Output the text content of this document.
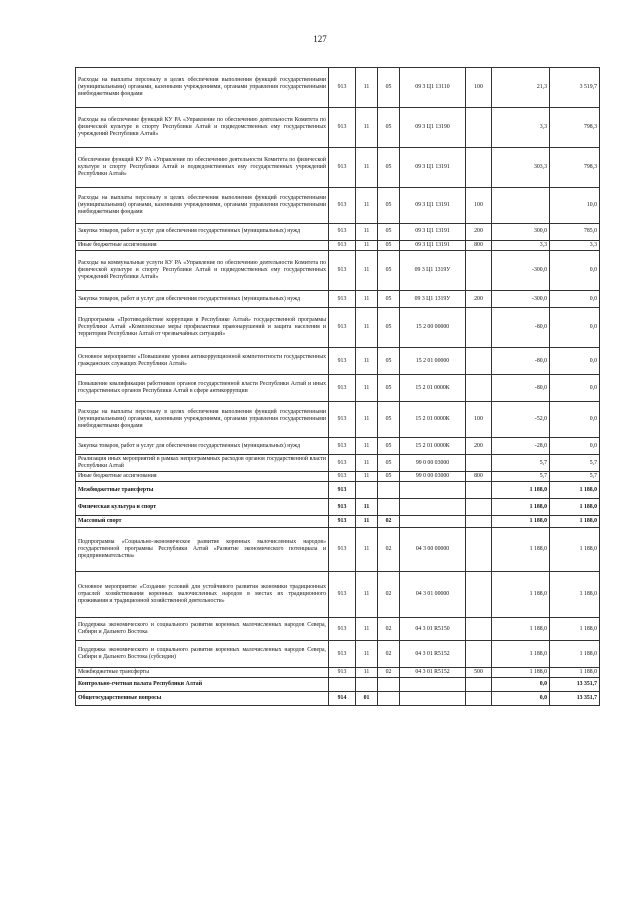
127
Расходы на выплаты персоналу в целях обеспечения выполнения функций государственными (муниципальными) органами, казенными учреждениями, органами управления государственными внебюджетными фондами	913	11	05	09 3 Ц1 13110	100	21,3	3 519,7
Расходы на обеспечение функций КУ РА «Управление по обеспечению деятельности Комитета по физической культуре и спорту Республики Алтай и подведомственных ему государственных учреждений Республики Алтай»	913	11	05	09 3 Ц1 13190		3,3	798,3
Обеспечение функций КУ РА «Управление по обеспечению деятельности Комитета по физической культуре и спорту Республики Алтай и подведомственных ему государственных учреждений Республики Алтай»	913	11	05	09 3 Ц1 13191		303,3	798,3
Расходы на выплаты персоналу в целях обеспечения выполнения функций государственными (муниципальными) органами, казенными учреждениями, органами управления государственными внебюджетными фондами	913	11	05	09 3 Ц1 13191	100		10,0
Закупка товаров, работ и услуг для обеспечения государственных (муниципальных) нужд	913	11	05	09 3 Ц1 13191	200	300,0	785,0
Иные бюджетные ассигнования	913	11	05	09 3 Ц1 13191	800	3,3	3,3
Расходы на коммунальные услуги КУ РА «Управление по обеспечению деятельности Комитета по физической культуре и спорту Республики Алтай и подведомственных ему государственных учреждений Республики Алтай»	913	11	05	09 3 Ц1 1319У		-300,0	0,0
Закупка товаров, работ и услуг для обеспечения государственных (муниципальных) нужд	913	11	05	09 3 Ц1 1319У	200	-300,0	0,0
Подпрограмма «Противодействие коррупции в Республике Алтай» государственной программы Республики Алтай «Комплексные меры профилактики правонарушений и защита населения и территории Республики Алтай от чрезвычайных ситуаций»	913	11	05	15 2 00 00000		-80,0	0,0
Основное мероприятие «Повышение уровня антикоррупционной компетентности государственных гражданских служащих Республики Алтай»	913	11	05	15 2 01 00000		-80,0	0,0
Повышение квалификации работников органов государственной власти Республики Алтай и иных государственных органов Республики Алтай в сфере антикоррупции	913	11	05	15 2 01 0000К		-80,0	0,0
Расходы на выплаты персоналу в целях обеспечения выполнения функций государственными (муниципальными) органами, казенными учреждениями, органами управления государственными внебюджетными фондами	913	11	05	15 2 01 0000К	100	-52,0	0,0
Закупка товаров, работ и услуг для обеспечения государственных (муниципальных) нужд	913	11	05	15 2 01 0000К	200	-28,0	0,0
Реализация иных мероприятий в рамках непрограммных расходов органов государственной власти Республики Алтай	913	11	05	99 0 00 03000		5,7	5,7
Иные бюджетные ассигнования	913	11	05	99 0 00 03000	800	5,7	5,7
Межбюджетные трансферты	913					1 188,0	1 188,0
Физическая культура и спорт	913	11				1 188,0	1 188,0
Массовый спорт	913	11	02			1 188,0	1 188,0
Подпрограмма «Социально-экономическое развитие коренных малочисленных народов» государственной программы Республики Алтай «Развитие экономического потенциала и предпринимательства»	913	11	02	04 3 00 00000		1 188,0	1 188,0
Основное мероприятие «Создание условий для устойчивого развития экономики традиционных отраслей хозяйствования коренных малочисленных народов в местах их традиционного проживания и традиционной хозяйственной деятельности»	913	11	02	04 3 01 00000		1 188,0	1 188,0
Поддержка экономического и социального развития коренных малочисленных народов Севера, Сибири и Дальнего Востока	913	11	02	04 3 01 R5150		1 188,0	1 188,0
Поддержка экономического и социального развития коренных малочисленных народов Севера, Сибири и Дальнего Востока (субсидии)	913	11	02	04 3 01 R5152		1 188,0	1 188,0
Межбюджетные трансферты	913	11	02	04 3 01 R5152	500	1 188,0	1 188,0
Контрольно-счетная палата Республики Алтай						0,0	13 351,7
Общегосударственные вопросы	914	01				0,0	13 351,7
